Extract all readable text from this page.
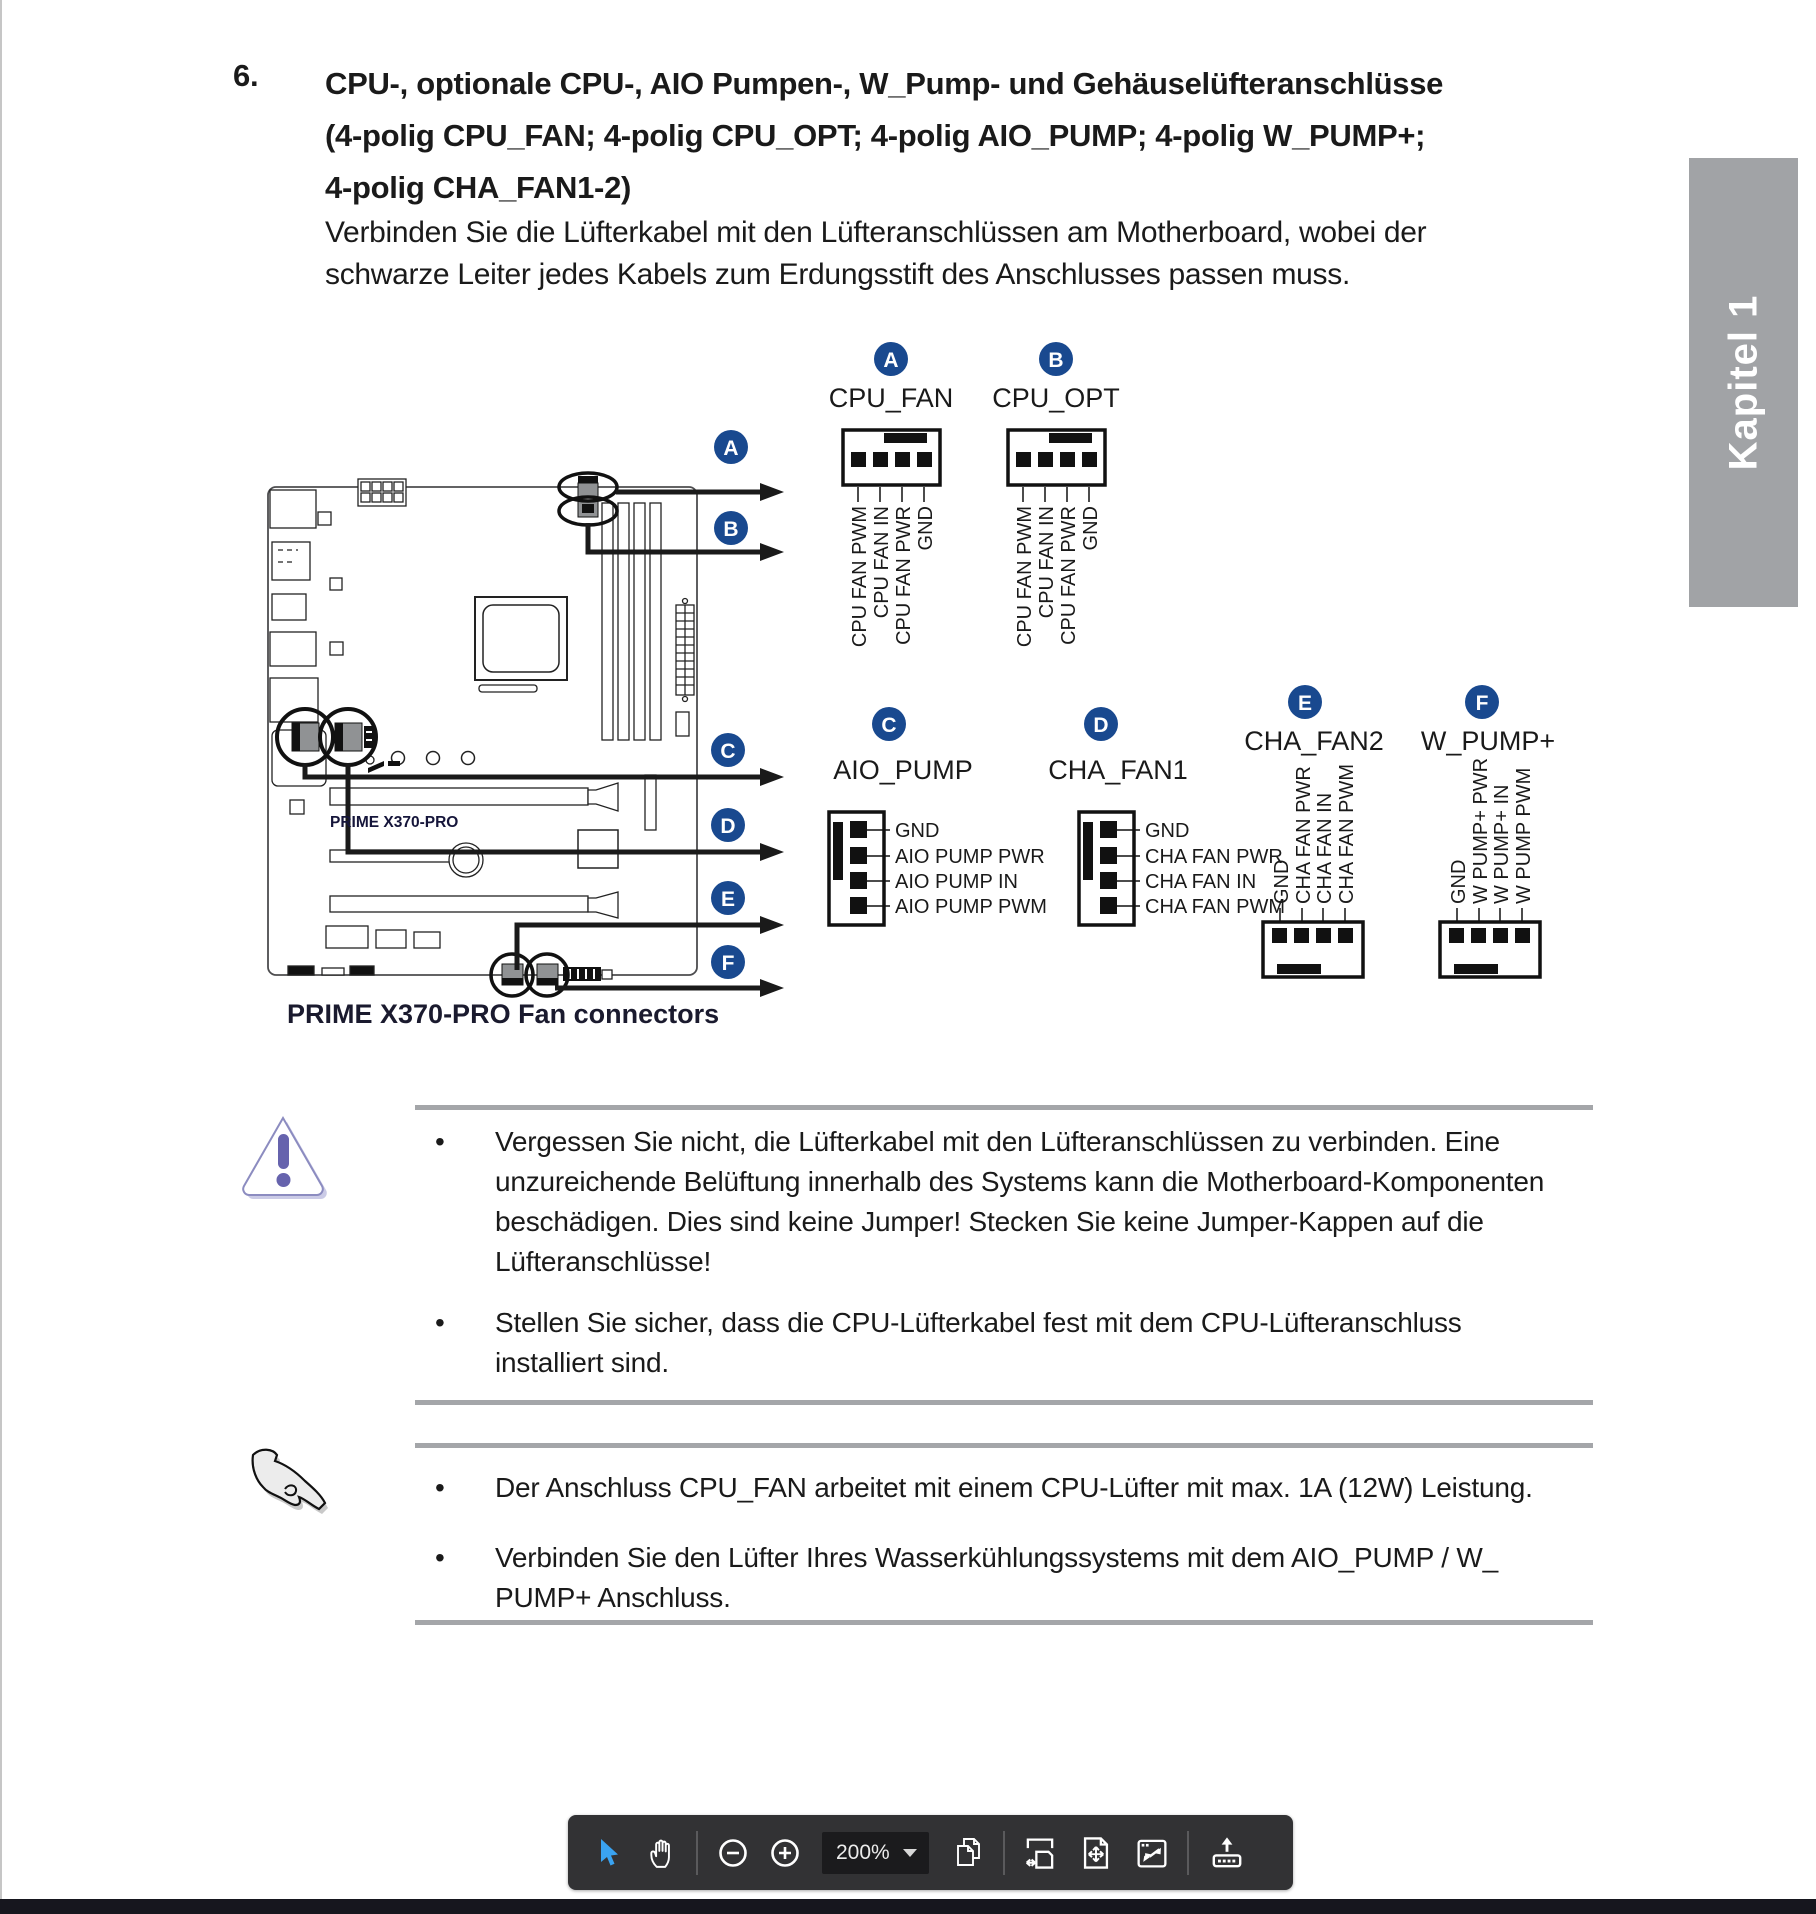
Kapitel 1
6. CPU-, optionale CPU-, AIO Pumpen-, W_Pump- und Gehäuselüfteranschlüsse
(4-polig CPU_FAN; 4-polig CPU_OPT; 4-polig AIO_PUMP; 4-polig W_PUMP+;
4-polig CHA_FAN1-2)
Verbinden Sie die Lüfterkabel mit den Lüfteranschlüssen am Motherboard, wobei der
schwarze Leiter jedes Kabels zum Erdungsstift des Anschlusses passen muss.
A
B
C
D
E
F
A
CPU_FAN
CPU FAN PWM CPU FAN IN CPU FAN PWR GND
B
CPU_OPT
CPU FAN PWM CPU FAN IN CPU FAN PWR GND
C
AIO_PUMP
GND
AIO PUMP PWR
AIO PUMP IN
AIO PUMP PWM
D
CHA_FAN1
GND
CHA FAN PWR
CHA FAN IN
CHA FAN PWM
E
CHA_FAN2
GND CHA FAN PWR CHA FAN IN CHA FAN PWM
F
W_PUMP+
GND W PUMP+ PWR W PUMP+ IN W PUMP PWM
PRIME X370-PRO
PRIME X370-PRO Fan connectors
• Vergessen Sie nicht, die Lüfterkabel mit den Lüfteranschlüssen zu verbinden. Eine
unzureichende Belüftung innerhalb des Systems kann die Motherboard-Komponenten
beschädigen. Dies sind keine Jumper! Stecken Sie keine Jumper-Kappen auf die
Lüfteranschlüsse!
• Stellen Sie sicher, dass die CPU-Lüfterkabel fest mit dem CPU-Lüfteranschluss
installiert sind.
• Der Anschluss CPU_FAN arbeitet mit einem CPU-Lüfter mit max. 1A (12W) Leistung.
• Verbinden Sie den Lüfter Ihres Wasserkühlungssystems mit dem AIO_PUMP / W_
PUMP+ Anschluss.
200%
